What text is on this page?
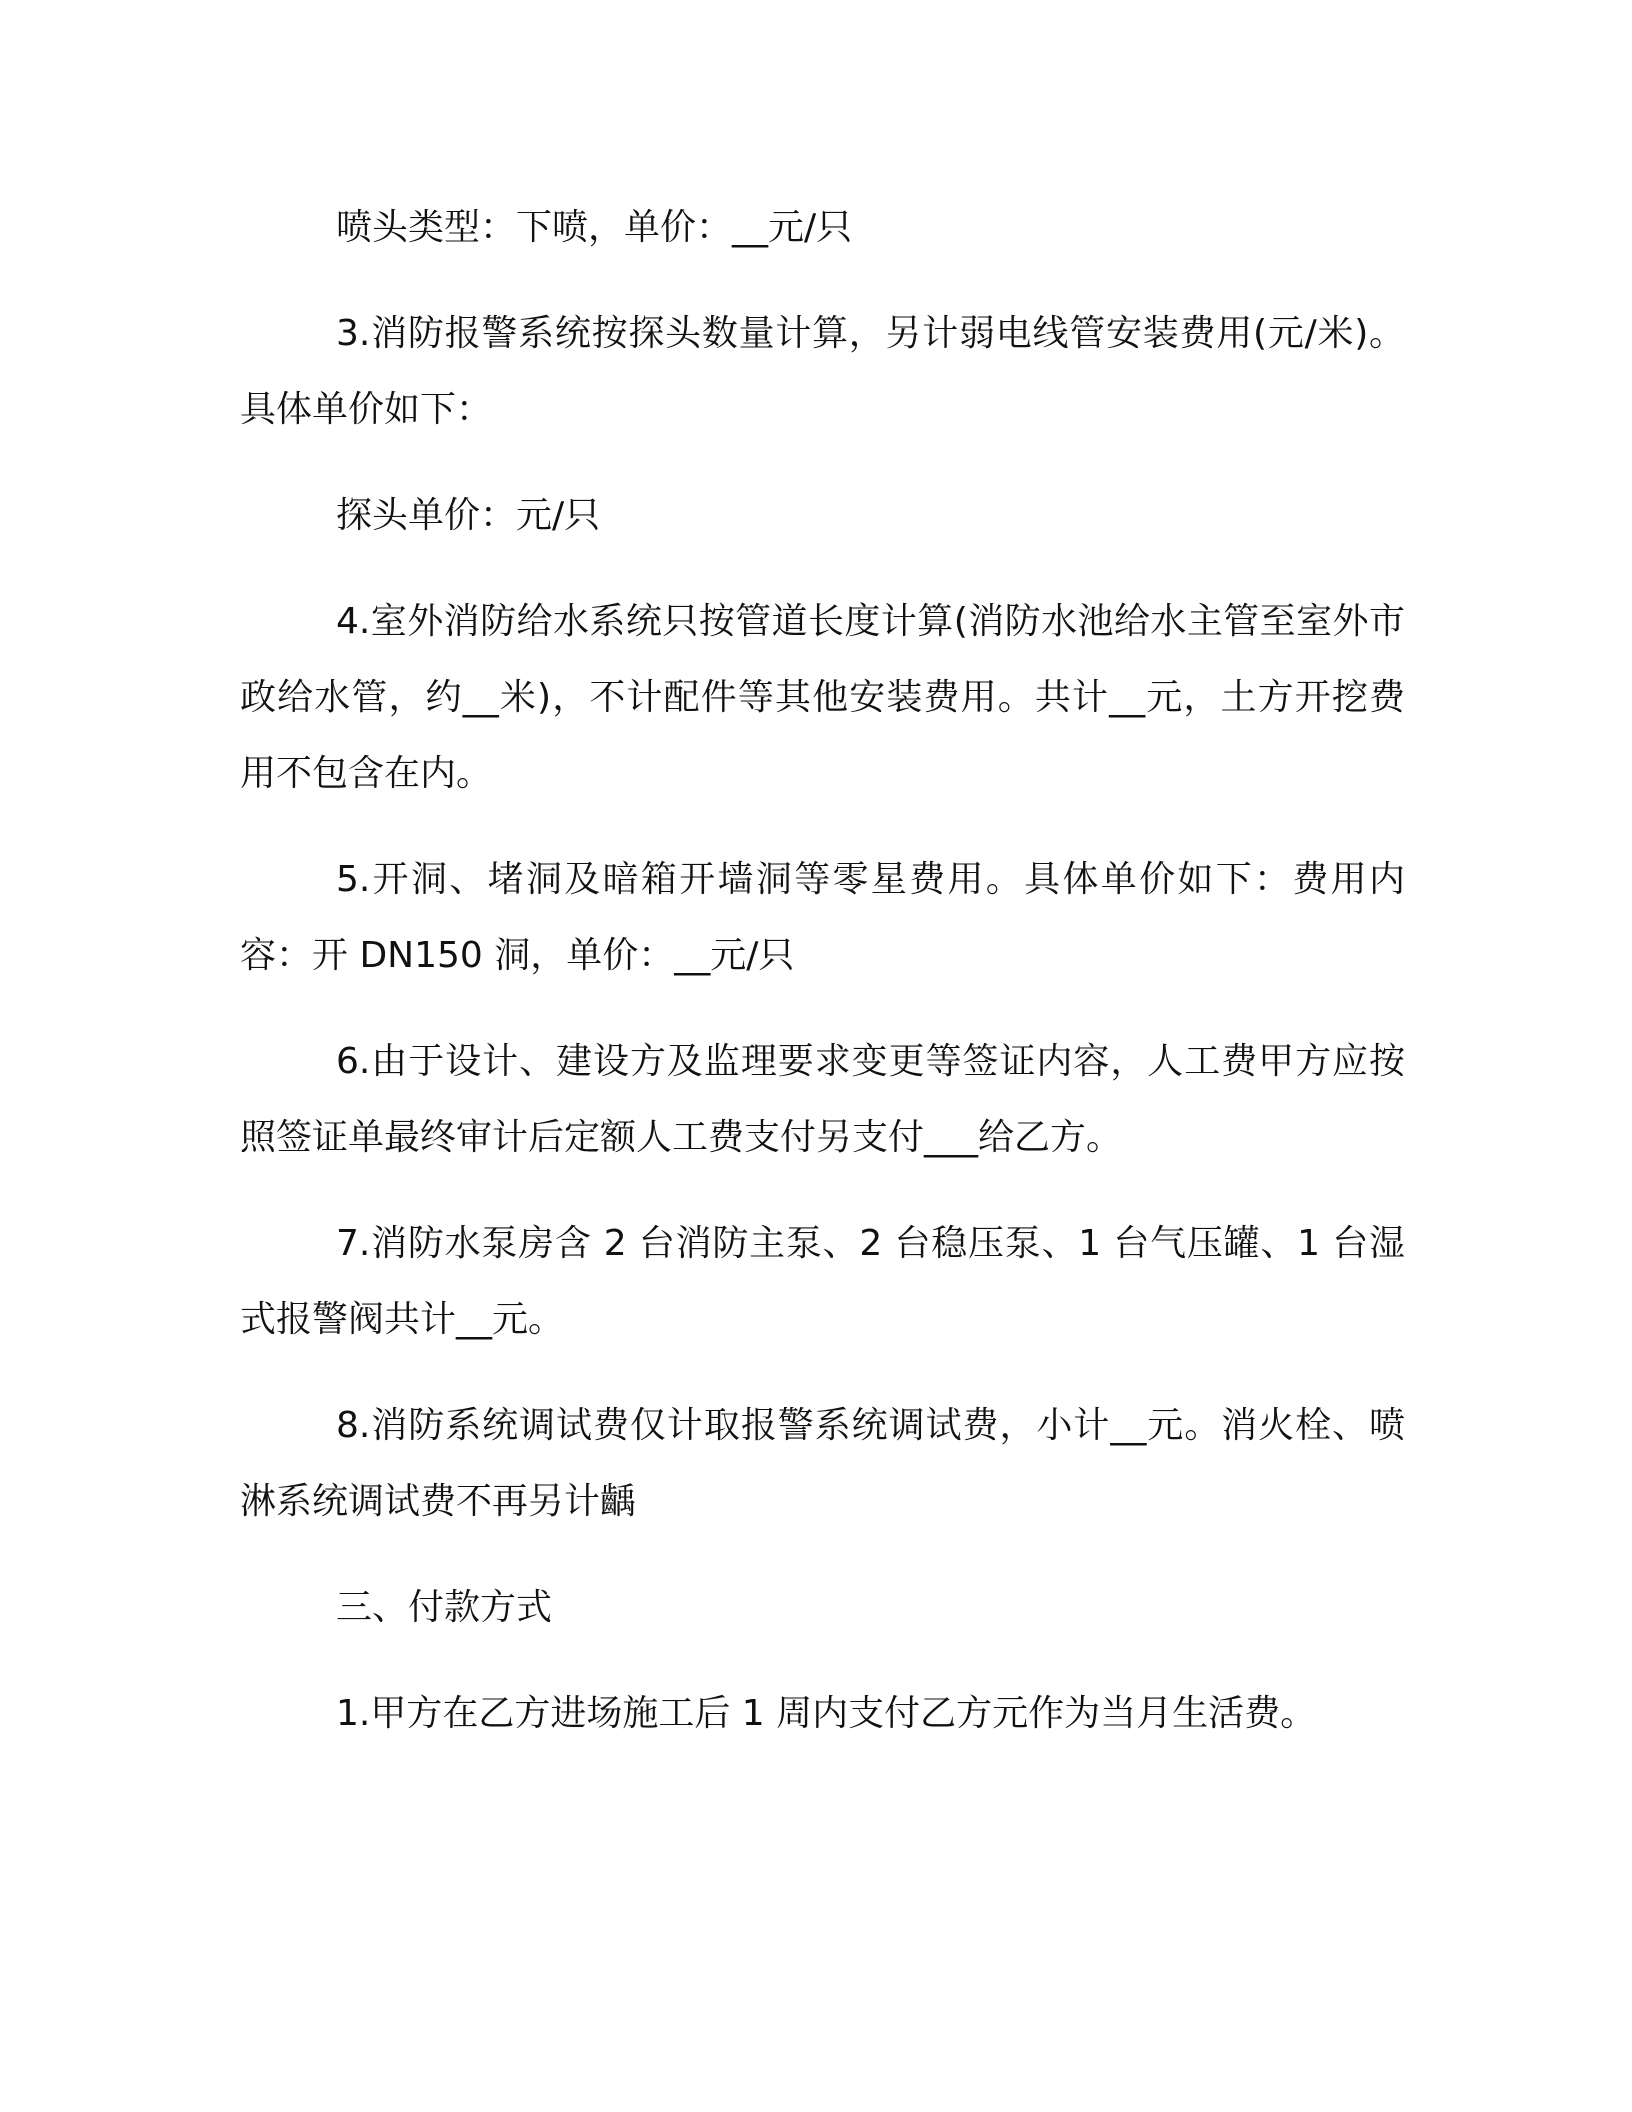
喷头类型：下喷，单价：__元/只

3.消防报警系统按探头数量计算，另计弱电线管安装费用(元/米)。具体单价如下：

探头单价：元/只

4.室外消防给水系统只按管道长度计算(消防水池给水主管至室外市政给水管，约__米)，不计配件等其他安装费用。共计__元，土方开挖费用不包含在内。

5.开洞、堵洞及暗箱开墙洞等零星费用。具体单价如下：费用内容：开 DN150 洞，单价：__元/只

6.由于设计、建设方及监理要求变更等签证内容，人工费甲方应按照签证单最终审计后定额人工费支付另支付___给乙方。

7.消防水泵房含 2 台消防主泵、2 台稳压泵、1 台气压罐、1 台湿式报警阀共计__元。

8.消防系统调试费仅计取报警系统调试费，小计__元。消火栓、喷淋系统调试费不再另计齲

三、付款方式

1.甲方在乙方进场施工后 1 周内支付乙方元作为当月生活费。
